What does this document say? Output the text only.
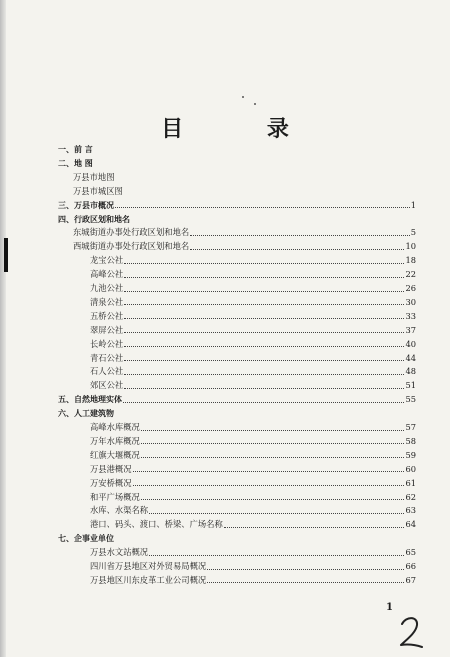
目 录
一、前 言
二、地 图
万县市地图
万县市城区图
三、万县市概况	1
四、行政区划和地名
东城街道办事处行政区划和地名	5
西城街道办事处行政区划和地名	10
龙宝公社	18
高峰公社	22
九池公社	26
清泉公社	30
五桥公社	33
翠屏公社	37
长岭公社	40
青石公社	44
石人公社	48
郊区公社	51
五、自然地理实体	55
六、人工建筑物
高峰水库概况	57
万年水库概况	58
红旗大堰概况	59
万县港概况	60
万安桥概况	61
和平广场概况	62
水库、水渠名称	63
港口、码头、渡口、桥梁、广场名称	64
七、企事业单位
万县水文站概况	65
四川省万县地区对外贸易局概况	66
万县地区川东皮革工业公司概况	67
1
